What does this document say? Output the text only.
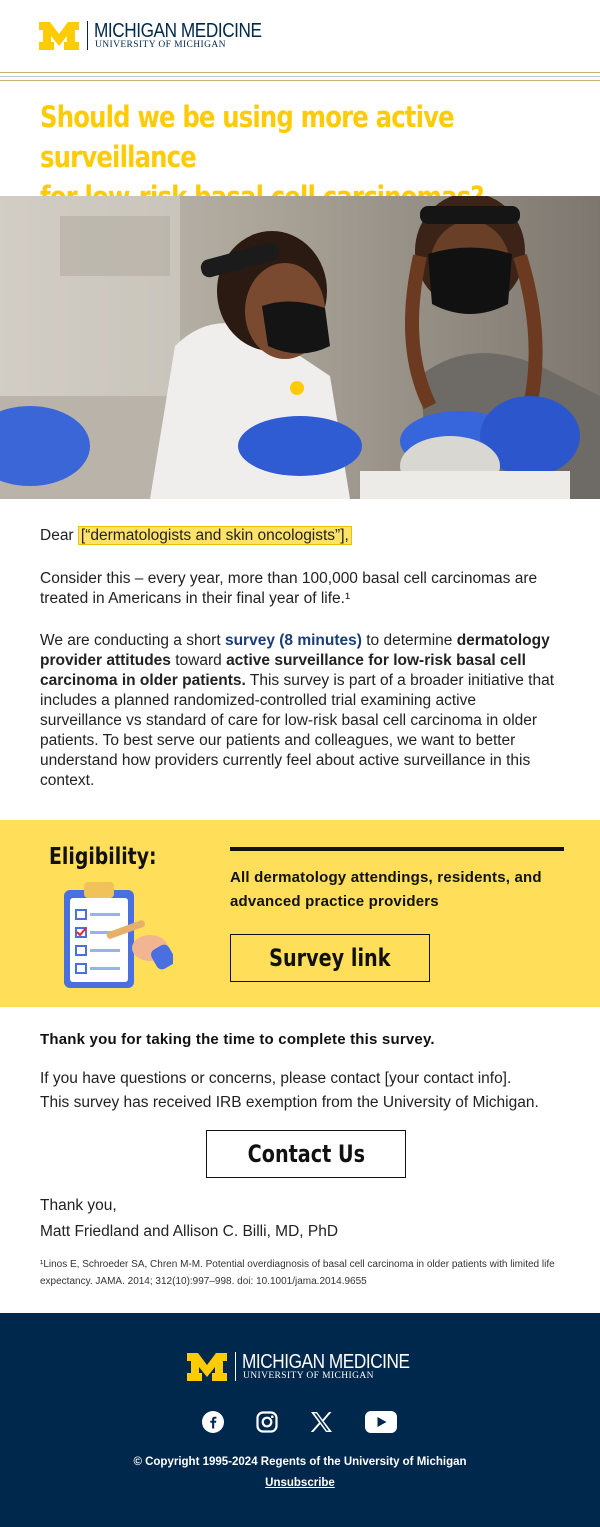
MICHIGAN MEDICINE
UNIVERSITY OF MICHIGAN
Should we be using more active surveillance
Dear [“dermatologists and skin oncologists”],
Consider this – every year, more than 100,000 basal cell carcinomas are treated in Americans in their final year of life.¹
We are conducting a short survey (8 minutes) to determine dermatology provider attitudes toward active surveillance for low-risk basal cell carcinoma in older patients. This survey is part of a broader initiative that includes a planned randomized-controlled trial examining active surveillance vs standard of care for low-risk basal cell carcinoma in older patients. To best serve our patients and colleagues, we want to better understand how providers currently feel about active surveillance in this context.
Eligibility:
All dermatology attendings, residents, and advanced practice providers
Survey link
Thank you for taking the time to complete this survey.
If you have questions or concerns, please contact [your contact info].
This survey has received IRB exemption from the University of Michigan.
Contact Us
Thank you,
Matt Friedland and Allison C. Billi, MD, PhD
¹Linos E, Schroeder SA, Chren M-M. Potential overdiagnosis of basal cell carcinoma in older patients with limited life expectancy. JAMA. 2014; 312(10):997–998. doi: 10.1001/jama.2014.9655
MICHIGAN MEDICINE
UNIVERSITY OF MICHIGAN
© Copyright 1995-2024 Regents of the University of Michigan
Unsubscribe
